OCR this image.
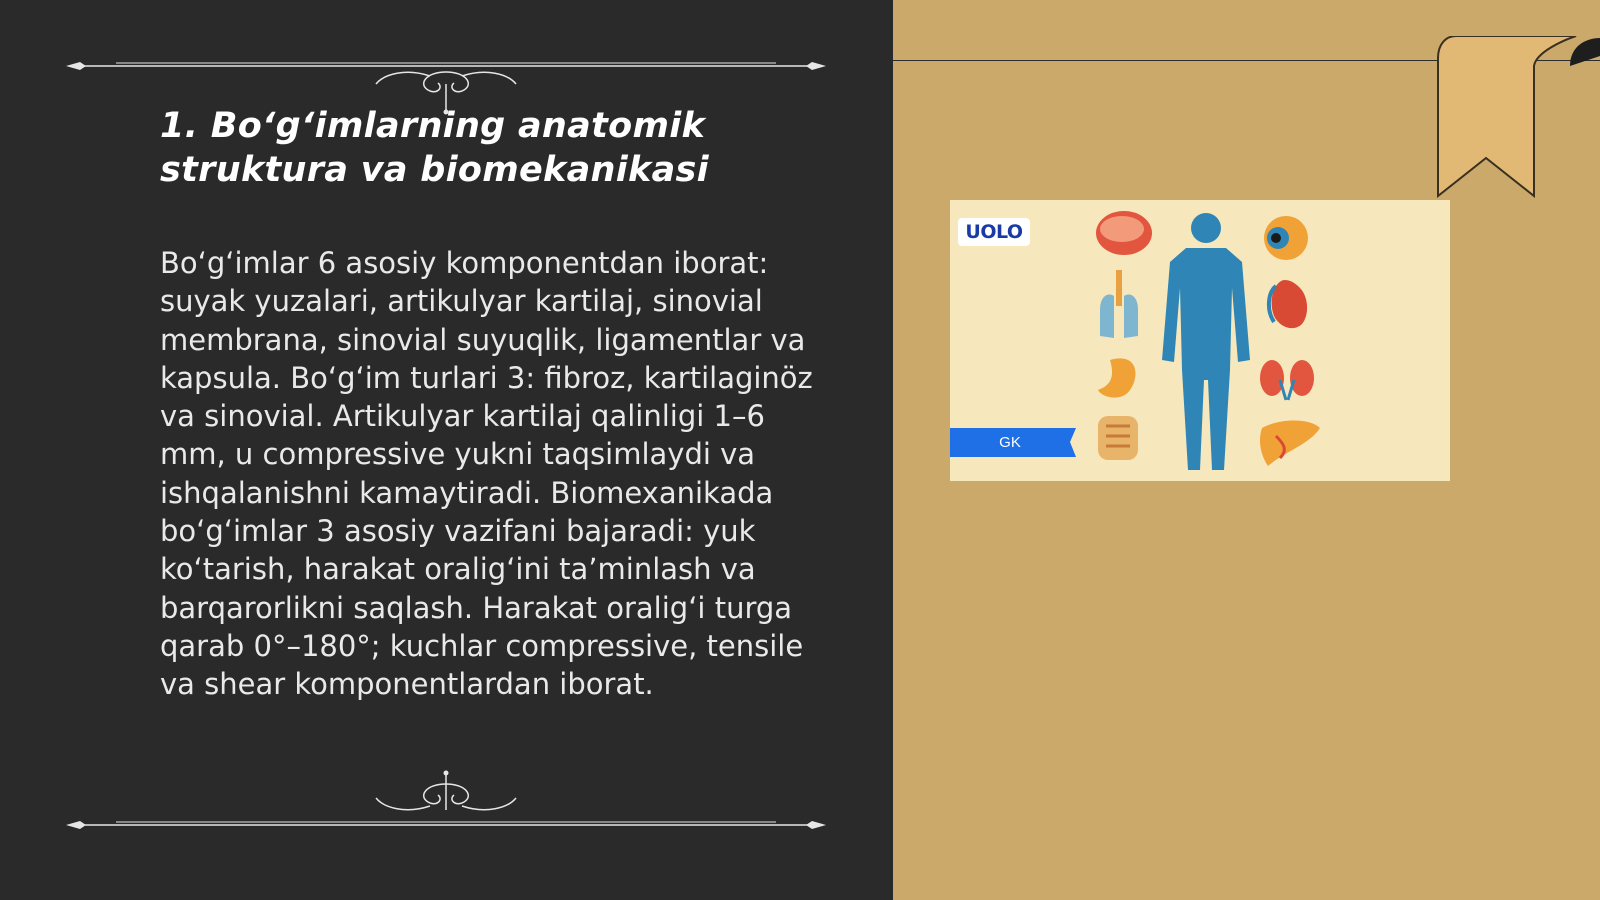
1. Bo‘g‘imlarning anatomik struktura va biomekanikasi
Bo‘g‘imlar 6 asosiy komponentdan iborat: suyak yuzalari, artikulyar kartilaj, sinovial membrana, sinovial suyuqlik, ligamentlar va kapsula. Bo‘g‘im turlari 3: fibroz, kartilaginöz va sinovial. Artikulyar kartilaj qalinligi 1–6 mm, u compressive yukni taqsimlaydi va ishqalanishni kamaytiradi. Biomexanikada bo‘g‘imlar 3 asosiy vazifani bajaradi: yuk ko‘tarish, harakat oralig‘ini ta’minlash va barqarorlikni saqlash. Harakat oralig‘i turga qarab 0°–180°; kuchlar compressive, tensile va shear komponentlardan iborat.
UOLO
GK
